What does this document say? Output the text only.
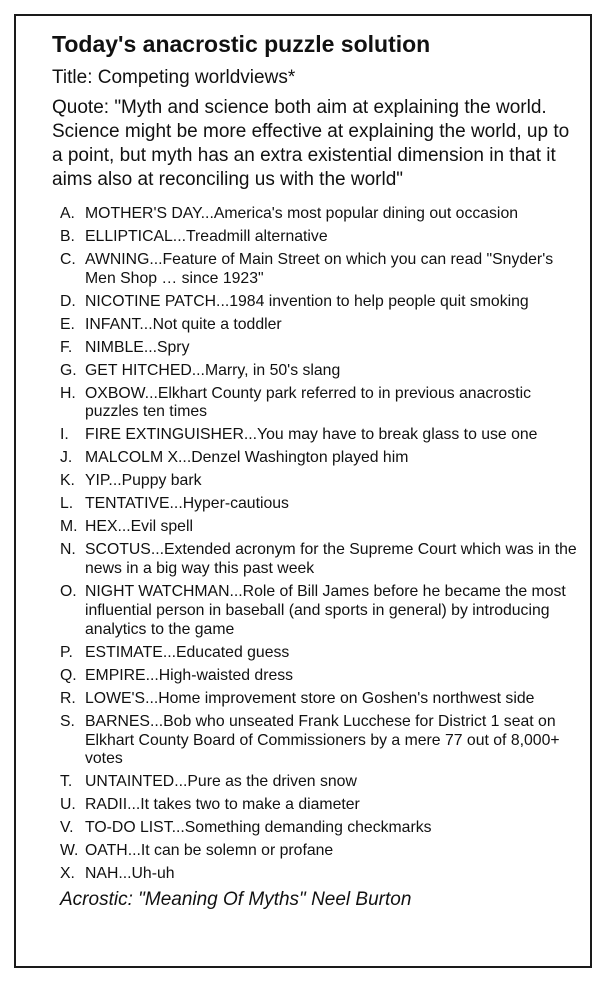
Today's anacrostic puzzle solution
Title: Competing worldviews*
Quote: "Myth and science both aim at explaining the world. Science might be more effective at explaining the world, up to a point, but myth has an extra existential dimension in that it aims also at reconciling us with the world"
A. MOTHER'S DAY...America's most popular dining out occasion
B. ELLIPTICAL...Treadmill alternative
C. AWNING...Feature of Main Street on which you can read "Snyder's Men Shop … since 1923"
D. NICOTINE PATCH...1984 invention to help people quit smoking
E. INFANT...Not quite a toddler
F. NIMBLE...Spry
G. GET HITCHED...Marry, in 50's slang
H. OXBOW...Elkhart County park referred to in previous anacrostic puzzles ten times
I.	FIRE EXTINGUISHER...You may have to break glass to use one
J. MALCOLM X...Denzel Washington played him
K. YIP...Puppy bark
L. TENTATIVE...Hyper-cautious
M. HEX...Evil spell
N. SCOTUS...Extended acronym for the Supreme Court which was in the news in a big way this past week
O. NIGHT WATCHMAN...Role of Bill James before he became the most influential person in baseball (and sports in general) by introducing analytics to the game
P. ESTIMATE...Educated guess
Q. EMPIRE...High-waisted dress
R. LOWE'S...Home improvement store on Goshen's northwest side
S. BARNES...Bob who unseated Frank Lucchese for District 1 seat on Elkhart County Board of Commissioners by a mere 77 out of 8,000+ votes
T. UNTAINTED...Pure as the driven snow
U. RADII...It takes two to make a diameter
V. TO-DO LIST...Something demanding checkmarks
W. OATH...It can be solemn or profane
X. NAH...Uh-uh
Acrostic: "Meaning Of Myths" Neel Burton
